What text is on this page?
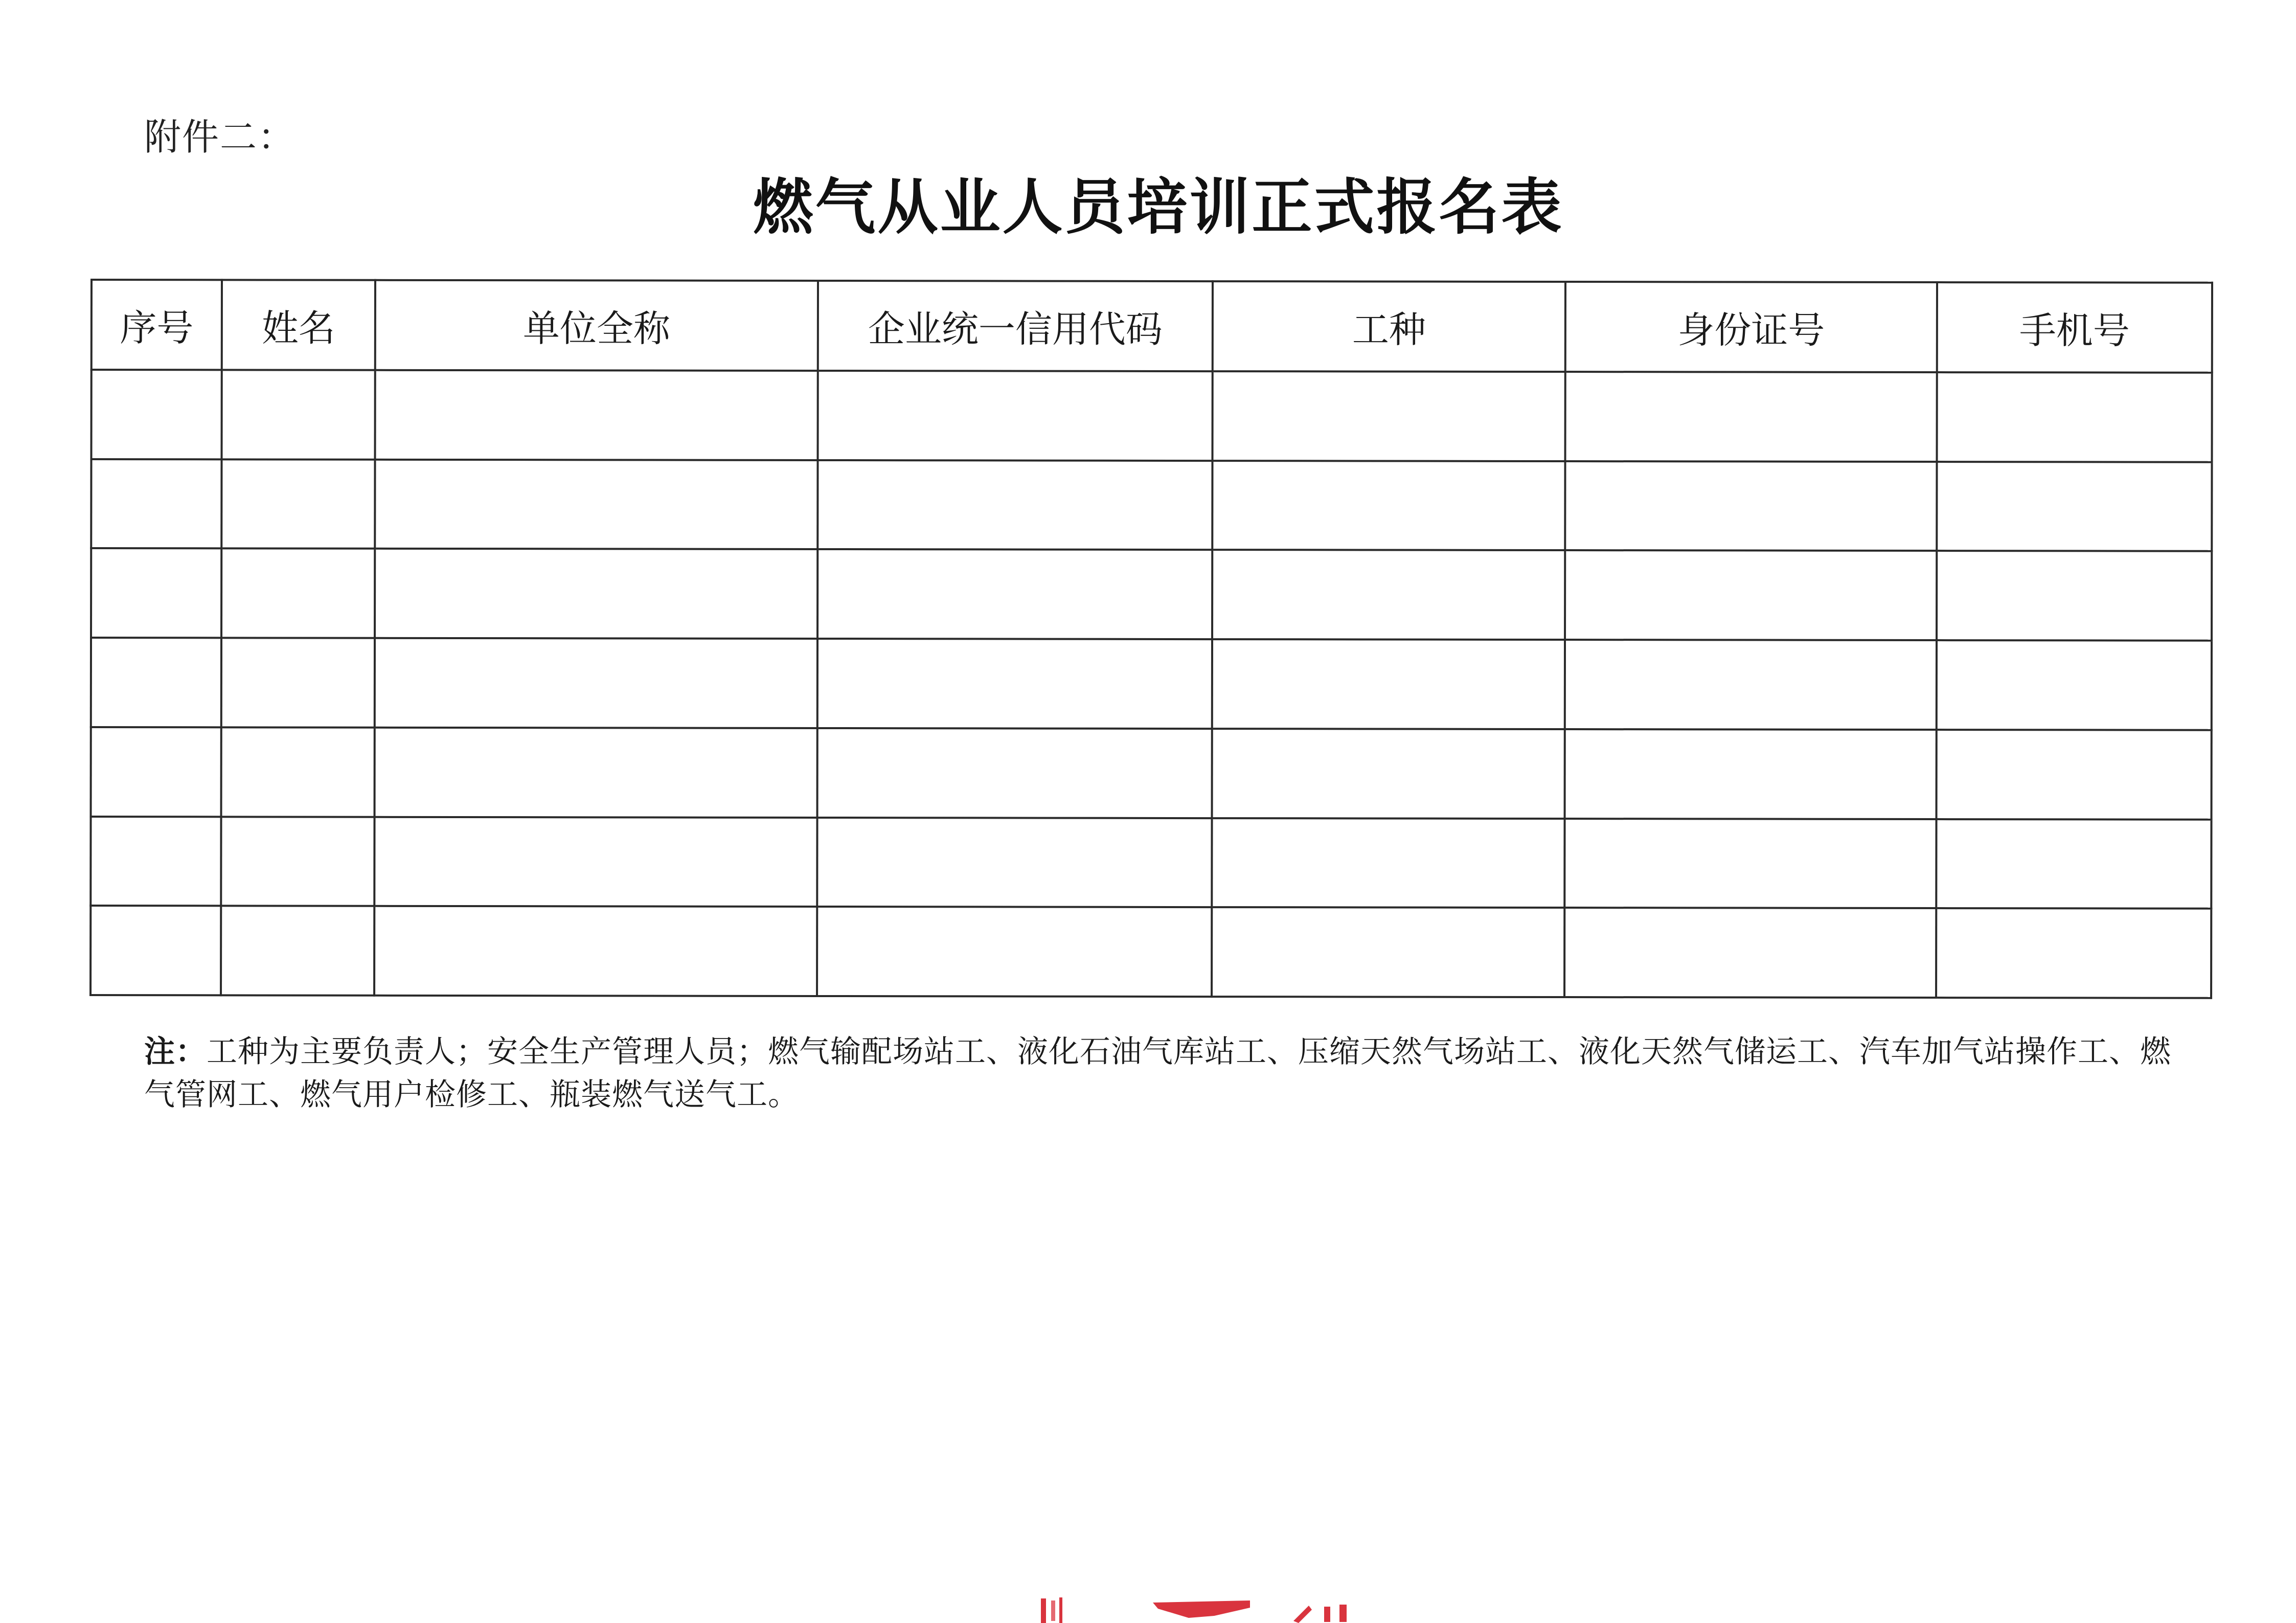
附件二：
燃气从业人员培训正式报名表
序号	姓名	单位全称	企业统一信用代码	工种	身份证号	手机号

注：工种为主要负责人；安全生产管理人员；燃气输配场站工、液化石油气库站工、压缩天然气场站工、液化天然气储运工、汽车加气站操作工、燃气管网工、燃气用户检修工、瓶装燃气送气工。
